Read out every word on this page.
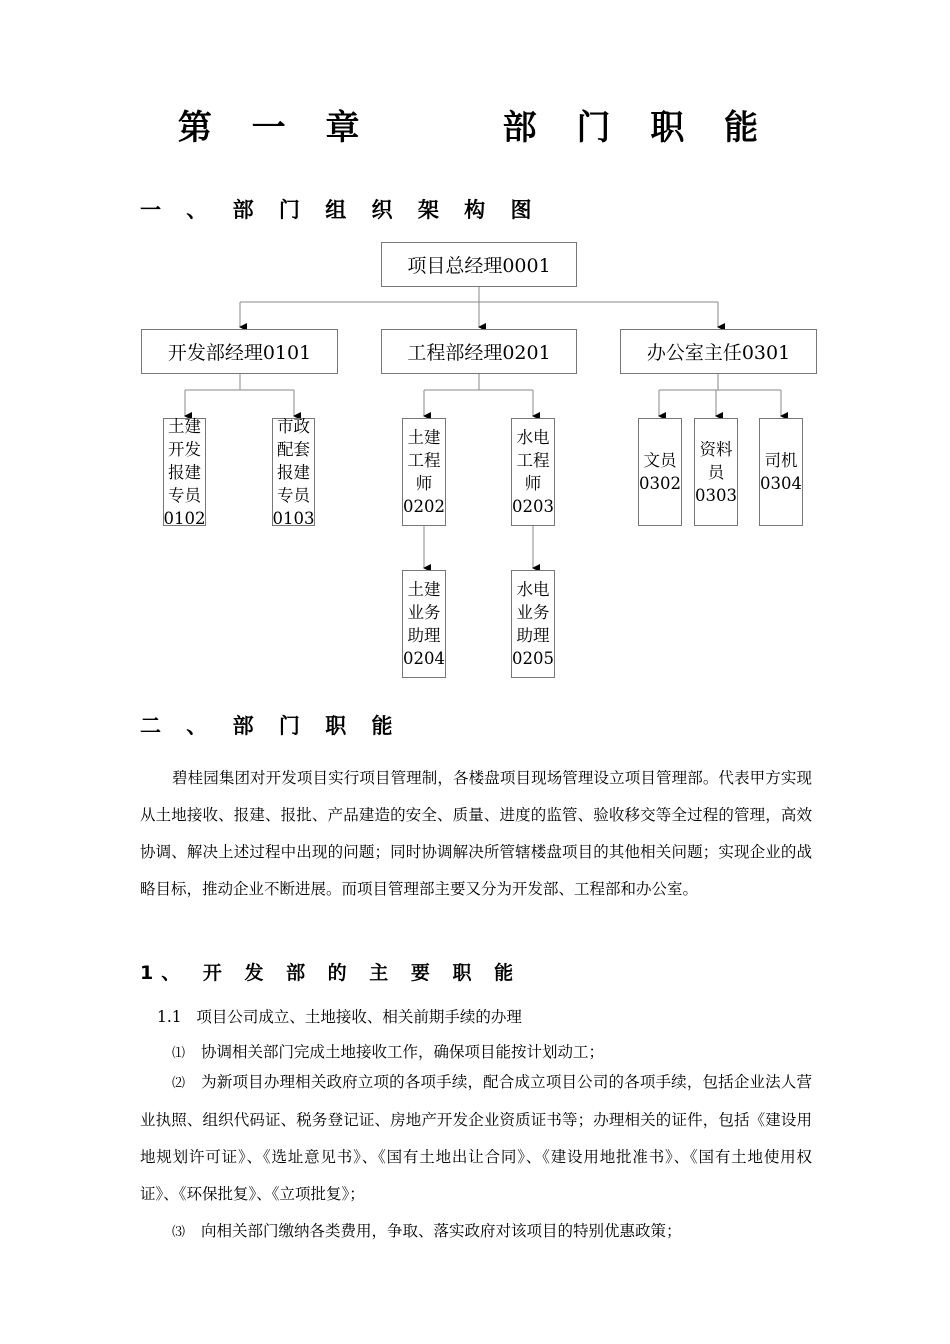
第 一 章     部 门 职 能
一 、 部 门 组 织 架 构 图
项目总经理0001
开发部经理0101	工程部经理0201	办公室主任0301
土建开发报建专员0102
市政配套报建专员0103
土建工程师0202
水电工程师0203
土建业务助理0204
水电业务助理0205
文员0302
资料员0303
司机0304
二 、 部 门 职 能
碧桂园集团对开发项目实行项目管理制，各楼盘项目现场管理设立项目管理部。代表甲方实现从土地接收、报建、报批、产品建造的安全、质量、进度的监管、验收移交等全过程的管理，高效协调、解决上述过程中出现的问题；同时协调解决所管辖楼盘项目的其他相关问题；实现企业的战略目标，推动企业不断进展。而项目管理部主要又分为开发部、工程部和办公室。
1、 开 发 部 的 主 要 职 能
1.1   项目公司成立、土地接收、相关前期手续的办理
⑴ 协调相关部门完成土地接收工作，确保项目能按计划动工；
⑵ 为新项目办理相关政府立项的各项手续，配合成立项目公司的各项手续，包括企业法人营业执照、组织代码证、税务登记证、房地产开发企业资质证书等；办理相关的证件，包括《建设用地规划许可证》、《选址意见书》、《国有土地出让合同》、《建设用地批准书》、《国有土地使用权证》、《环保批复》、《立项批复》；
⑶ 向相关部门缴纳各类费用，争取、落实政府对该项目的特别优惠政策；
